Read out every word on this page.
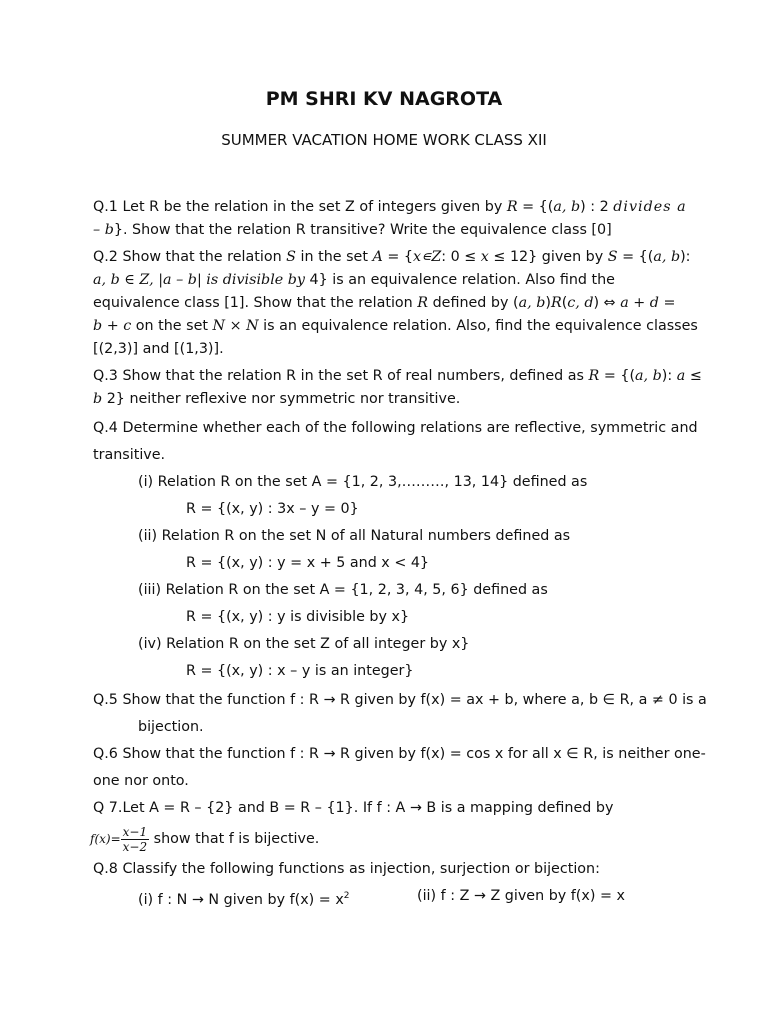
PM SHRI KV NAGROTA
SUMMER VACATION HOME WORK CLASS XII
Q.1 Let R be the relation in the set Z of integers given by R = {(a, b) : 2 divides a
– b}. Show that the relation R transitive? Write the equivalence class [0]
Q.2 Show that the relation S in the set A = {x∊Z: 0 ≤ x ≤ 12} given by S = {(a, b):
a, b ∈ Z, |a – b| is divisible by 4} is an equivalence relation. Also find the
equivalence class [1]. Show that the relation R defined by (a, b)R(c, d) ⇔ a + d =
b + c on the set N × N is an equivalence relation. Also, find the equivalence classes
[(2,3)] and [(1,3)].
Q.3 Show that the relation R in the set R of real numbers, defined as R = {(a, b): a ≤
b 2} neither reflexive nor symmetric nor transitive.
Q.4 Determine whether each of the following relations are reflective, symmetric and transitive.
(i) Relation R on the set A = {1, 2, 3,………, 13, 14} defined as
R = {(x, y) : 3x – y = 0}
(ii) Relation R on the set N of all Natural numbers defined as
R = {(x, y) : y = x + 5 and x < 4}
(iii) Relation R on the set A = {1, 2, 3, 4, 5, 6} defined as
R = {(x, y) : y is divisible by x}
(iv) Relation R on the set Z of all integer by x}
R = {(x, y) : x – y is an integer}
Q.5 Show that the function f : R → R given by f(x) = ax + b, where a, b ∈ R, a ≠ 0 is a
bijection.
Q.6 Show that the function f : R → R given by f(x) = cos x for all x ∈ R, is neither one-one nor onto.
Q 7.Let A = R – {2} and B = R – {1}. If f : A → B is a mapping defined by
$f(x)= \frac{x-1}{x-2}$ show that f is bijective.
Q.8 Classify the following functions as injection, surjection or bijection:
(i) f : N → N given by $f(x) = x^2$	(ii) f : Z → Z given by f(x) = x
